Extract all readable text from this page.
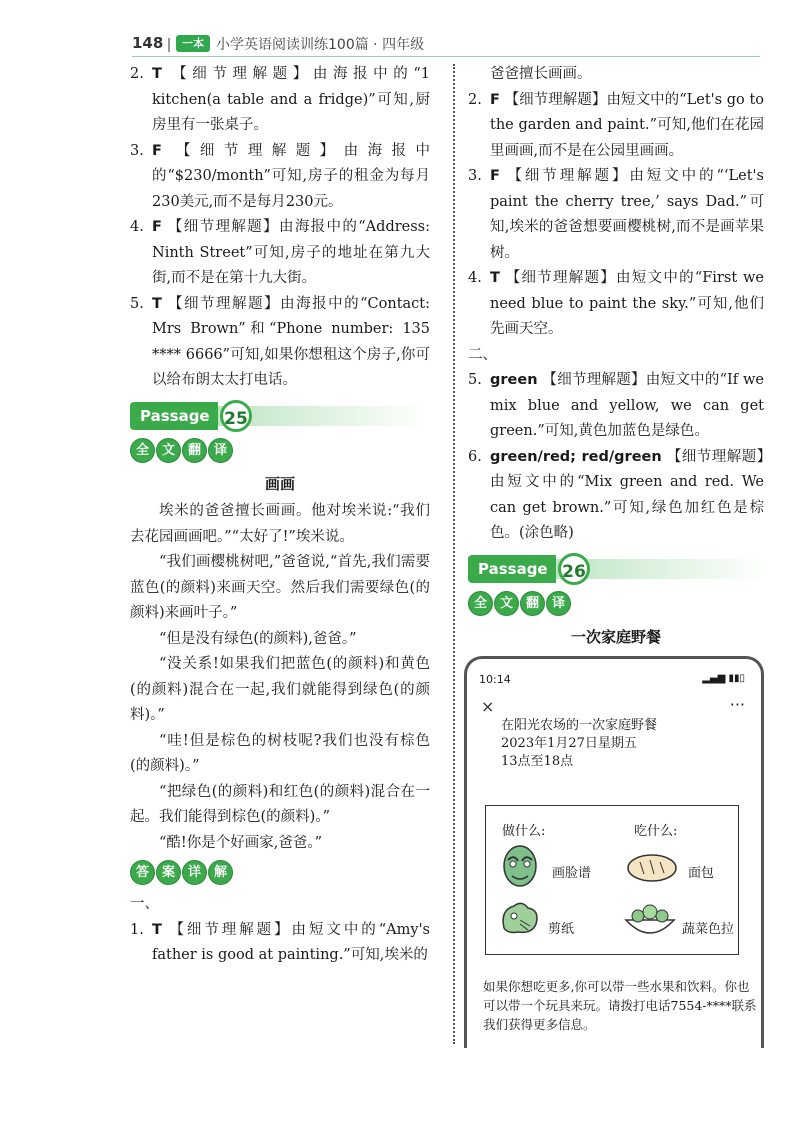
148	一本 小学英语阅读训练100篇 · 四年级

2. T 【细节理解题】由海报中的“1 kitchen(a table and a fridge)”可知,厨房里有一张桌子。

3. F 【细节理解题】由海报中的“$230/month”可知,房子的租金为每月230美元,而不是每月230元。

4. F 【细节理解题】由海报中的“Address: Ninth Street”可知,房子的地址在第九大街,而不是在第十九大街。

5. T 【细节理解题】由海报中的“Contact: Mrs Brown”和“Phone number: 135 **** 6666”可知,如果你想租这个房子,你可以给布朗太太打电话。

Passage 25
全 文 翻 译

画画

埃米的爸爸擅长画画。他对埃米说:“我们去花园画画吧。”“太好了!”埃米说。

“我们画樱桃树吧,”爸爸说,“首先,我们需要蓝色(的颜料)来画天空。然后我们需要绿色(的颜料)来画叶子。”

“但是没有绿色(的颜料),爸爸。”

“没关系!如果我们把蓝色(的颜料)和黄色(的颜料)混合在一起,我们就能得到绿色(的颜料)。”

“哇!但是棕色的树枝呢?我们也没有棕色(的颜料)。”

“把绿色(的颜料)和红色(的颜料)混合在一起。我们能得到棕色(的颜料)。”

“酷!你是个好画家,爸爸。”

答 案 详 解

一、

1. T 【细节理解题】由短文中的“Amy's father is good at painting.”可知,埃米的

爸爸擅长画画。

2. F 【细节理解题】由短文中的“Let's go to the garden and paint.”可知,他们在花园里画画,而不是在公园里画画。

3. F 【细节理解题】由短文中的“‘Let's paint the cherry tree,’ says Dad.”可知,埃米的爸爸想要画樱桃树,而不是画苹果树。

4. T 【细节理解题】由短文中的“First we need blue to paint the sky.”可知,他们先画天空。

二、

5. green 【细节理解题】由短文中的“If we mix blue and yellow, we can get green.”可知,黄色加蓝色是绿色。

6. green/red; red/green 【细节理解题】由短文中的“Mix green and red. We can get brown.”可知,绿色加红色是棕色。(涂色略)

Passage 26
全 文 翻 译

一次家庭野餐

10:14	▂▄▆ ▮▮▯
×	···
在阳光农场的一次家庭野餐
2023年1月27日星期五
13点至18点
做什么:	吃什么:
画脸谱	面包
剪纸	蔬菜色拉
如果你想吃更多,你可以带一些水果和饮料。你也可以带一个玩具来玩。请拨打电话7554-****联系我们获得更多信息。
